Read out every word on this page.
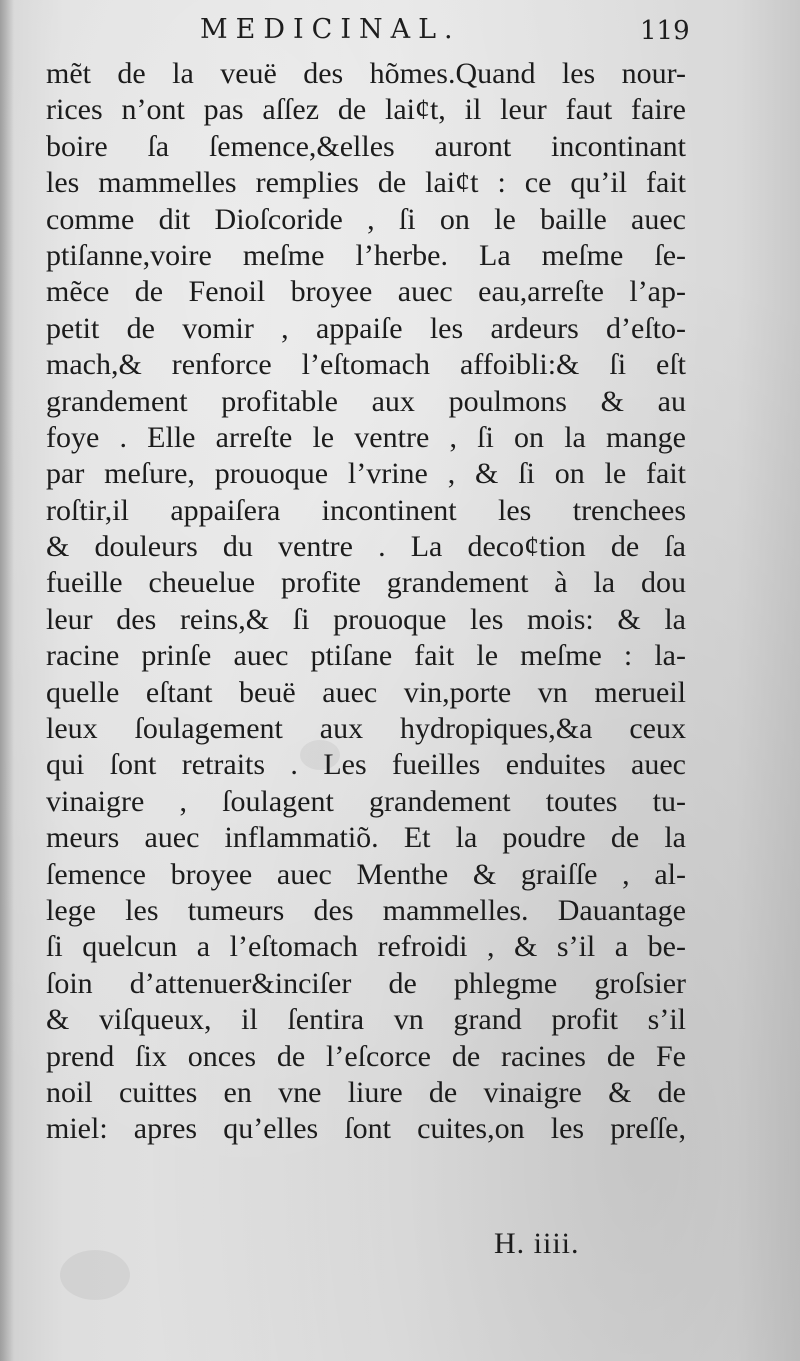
MEDICINAL.	119
mẽt de la veuë des hõmes.Quand les nour-
rices n’ont pas aſſez de lai¢t, il leur faut faire
boire ſa ſemence,&elles auront incontinant
les mammelles remplies de lai¢t : ce qu’il fait
comme dit Dioſcoride , ſi on le baille auec
ptiſanne,voire meſme l’herbe. La meſme ſe-
mẽce de Fenoil broyee auec eau,arreſte l’ap-
petit de vomir , appaiſe les ardeurs d’eſto-
mach,& renforce l’eſtomach affoibli:& ſi eſt
grandement profitable aux poulmons & au
foye . Elle arreſte le ventre , ſi on la mange
par meſure, prouoque l’vrine , & ſi on le fait
roſtir,il appaiſera incontinent les trenchees
& douleurs du ventre . La deco¢tion de ſa
fueille cheuelue profite grandement à la dou
leur des reins,& ſi prouoque les mois: & la
racine prinſe auec ptiſane fait le meſme : la-
quelle eſtant beuë auec vin,porte vn merueil
leux ſoulagement aux hydropiques,&a ceux
qui ſont retraits . Les fueilles enduites auec
vinaigre , ſoulagent grandement toutes tu-
meurs auec inflammatiõ. Et la poudre de la
ſemence broyee auec Menthe & graiſſe , al-
lege les tumeurs des mammelles. Dauantage
ſi quelcun a l’eſtomach refroidi , & s’il a be-
ſoin d’attenuer&inciſer de phlegme groſsier
& viſqueux, il ſentira vn grand profit s’il
prend ſix onces de l’eſcorce de racines de Fe
noil cuittes en vne liure de vinaigre & de
miel: apres qu’elles ſont cuites,on les preſſe,
H. iiii.
